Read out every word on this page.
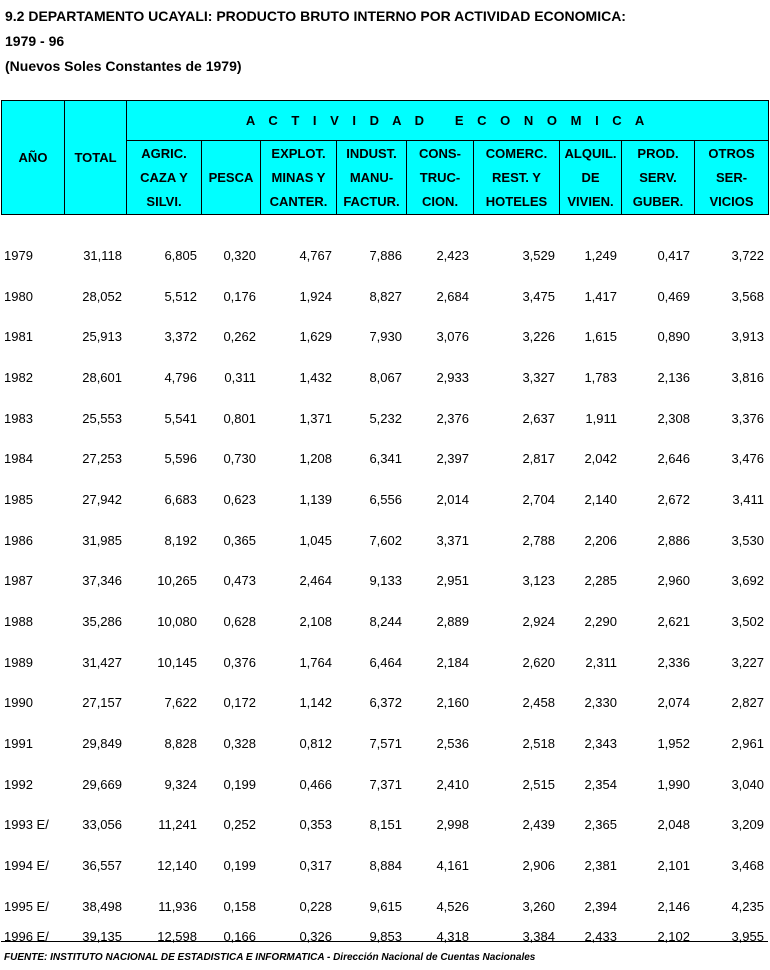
9.2 DEPARTAMENTO UCAYALI: PRODUCTO BRUTO INTERNO POR ACTIVIDAD ECONOMICA:
1979 - 96
(Nuevos Soles Constantes de 1979)
AÑO	TOTAL	A C T I V I D A D   E C O N O M I C A								

		AGRIC.
CAZA Y
SILVI.	PESCA	EXPLOT.
MINAS Y
CANTER.	INDUST.
MANU-
FACTUR.	CONS-
TRUC-
CION.	COMERC.
REST. Y
HOTELES	ALQUIL.
DE
VIVIEN.	PROD.
SERV.
GUBER.	OTROS
SER-
VICIOS
1979	31,118	6,805	0,320	4,767	7,886	2,423	3,529	1,249	0,417	3,722
1980	28,052	5,512	0,176	1,924	8,827	2,684	3,475	1,417	0,469	3,568
1981	25,913	3,372	0,262	1,629	7,930	3,076	3,226	1,615	0,890	3,913
1982	28,601	4,796	0,311	1,432	8,067	2,933	3,327	1,783	2,136	3,816
1983	25,553	5,541	0,801	1,371	5,232	2,376	2,637	1,911	2,308	3,376
1984	27,253	5,596	0,730	1,208	6,341	2,397	2,817	2,042	2,646	3,476
1985	27,942	6,683	0,623	1,139	6,556	2,014	2,704	2,140	2,672	3,411
1986	31,985	8,192	0,365	1,045	7,602	3,371	2,788	2,206	2,886	3,530
1987	37,346	10,265	0,473	2,464	9,133	2,951	3,123	2,285	2,960	3,692
1988	35,286	10,080	0,628	2,108	8,244	2,889	2,924	2,290	2,621	3,502
1989	31,427	10,145	0,376	1,764	6,464	2,184	2,620	2,311	2,336	3,227
1990	27,157	7,622	0,172	1,142	6,372	2,160	2,458	2,330	2,074	2,827
1991	29,849	8,828	0,328	0,812	7,571	2,536	2,518	2,343	1,952	2,961
1992	29,669	9,324	0,199	0,466	7,371	2,410	2,515	2,354	1,990	3,040
1993 E/	33,056	11,241	0,252	0,353	8,151	2,998	2,439	2,365	2,048	3,209
1994 E/	36,557	12,140	0,199	0,317	8,884	4,161	2,906	2,381	2,101	3,468
1995 E/	38,498	11,936	0,158	0,228	9,615	4,526	3,260	2,394	2,146	4,235
1996 E/	39,135	12,598	0,166	0,326	9,853	4,318	3,384	2,433	2,102	3,955
FUENTE: INSTITUTO NACIONAL DE ESTADISTICA E INFORMATICA - Dirección Nacional de Cuentas Nacionales
